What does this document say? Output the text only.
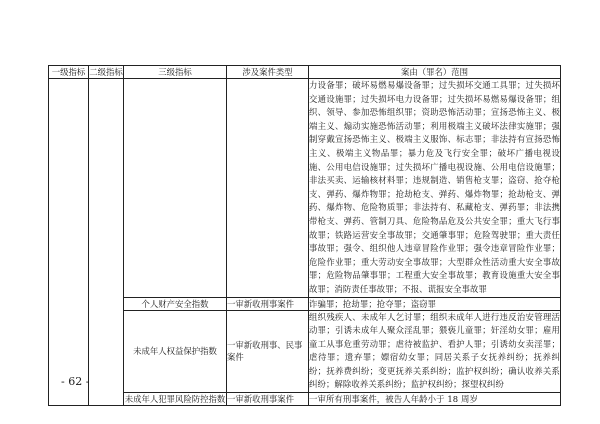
一级指标	二级指标	三级指标	涉及案件类型	案由（罪名）范围
				力设备罪；破坏易燃易爆设备罪；过失损坏交通工具罪；过失损坏交通设施罪；过失损坏电力设备罪；过失损坏易燃易爆设备罪；组织、领导、参加恐怖组织罪；资助恐怖活动罪；宣扬恐怖主义、极端主义、煽动实施恐怖活动罪；利用极端主义破坏法律实施罪；强制穿戴宣扬恐怖主义、极端主义服饰、标志罪；非法持有宣扬恐怖主义、极端主义物品罪；暴力危及飞行安全罪；破坏广播电视设施、公用电信设施罪；过失损坏广播电视设施、公用电信设施罪；非法买卖、运输核材料罪；违规制造、销售枪支罪；盗窃、抢夺枪支、弹药、爆炸物罪；抢劫枪支、弹药、爆炸物罪；抢劫枪支、弹药、爆炸物、危险物质罪；非法持有、私藏枪支、弹药罪；非法携带枪支、弹药、管制刀具、危险物品危及公共安全罪；重大飞行事故罪；铁路运营安全事故罪；交通肇事罪；危险驾驶罪；重大责任事故罪；强令、组织他人违章冒险作业罪；强令违章冒险作业罪；危险作业罪；重大劳动安全事故罪；大型群众性活动重大安全事故罪；危险物品肇事罪；工程重大安全事故罪；教育设施重大安全事故罪；消防责任事故罪；不报、谎报安全事故罪
		个人财产安全指数	一审新收刑事案件	诈骗罪；抢劫罪；抢夺罪；盗窃罪
		未成年人权益保护指数	一审新收刑事、民事案件	组织残疾人、未成年人乞讨罪；组织未成年人进行违反治安管理活动罪；引诱未成年人聚众淫乱罪；猥亵儿童罪；奸淫幼女罪；雇用童工从事危重劳动罪；虐待被监护、看护人罪；引诱幼女卖淫罪；虐待罪；遗弃罪；嫖宿幼女罪；同居关系子女抚养纠纷；抚养纠纷；抚养费纠纷；变更抚养关系纠纷；监护权纠纷；确认收养关系纠纷；解除收养关系纠纷；监护权纠纷；探望权纠纷
		未成年人犯罪风险防控指数	一审新收刑事案件	一审所有刑事案件，被告人年龄小于 18 周岁
- 62 -
